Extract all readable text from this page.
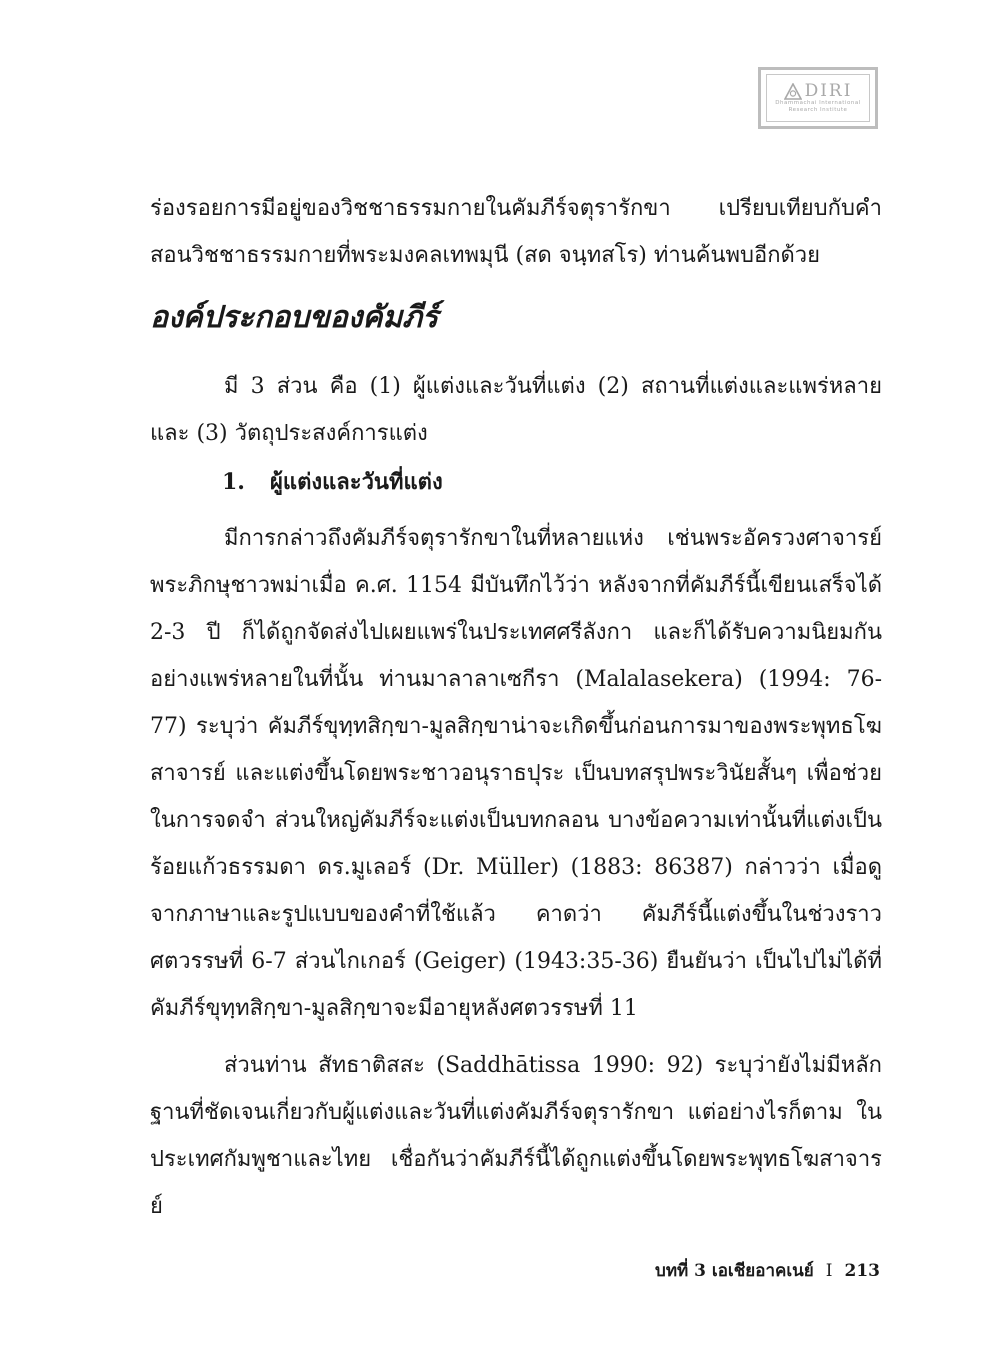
DIRI
Dhammachai International
Research Institute

ร่องรอยการมีอยู่ของวิชชาธรรมกายในคัมภีร์จตุรารักขา เปรียบเทียบกับคำสอนวิชชาธรรมกายที่พระมงคลเทพมุนี (สด จนฺทสโร) ท่านค้นพบอีกด้วย

องค์ประกอบของคัมภีร์

มี 3 ส่วน คือ (1) ผู้แต่งและวันที่แต่ง (2) สถานที่แต่งและแพร่หลาย และ (3) วัตถุประสงค์การแต่ง

1. ผู้แต่งและวันที่แต่ง

มีการกล่าวถึงคัมภีร์จตุรารักขาในที่หลายแห่ง เช่นพระอัครวงศาจารย์ พระภิกษุชาวพม่าเมื่อ ค.ศ. 1154 มีบันทึกไว้ว่า หลังจากที่คัมภีร์นี้เขียนเสร็จได้ 2-3 ปี ก็ได้ถูกจัดส่งไปเผยแพร่ในประเทศศรีลังกา และก็ได้รับความนิยมกันอย่างแพร่หลายในที่นั้น ท่านมาลาลาเซกีรา (Malalasekera) (1994: 76-77) ระบุว่า คัมภีร์ขุทฺทสิกฺขา-มูลสิกฺขาน่าจะเกิดขึ้นก่อนการมาของพระพุทธโฆสาจารย์ และแต่งขึ้นโดยพระชาวอนุราธปุระ เป็นบทสรุปพระวินัยสั้นๆ เพื่อช่วยในการจดจำ ส่วนใหญ่คัมภีร์จะแต่งเป็นบทกลอน บางข้อความเท่านั้นที่แต่งเป็นร้อยแก้วธรรมดา ดร.มูเลอร์ (Dr. Müller) (1883: 86387) กล่าวว่า เมื่อดูจากภาษาและรูปแบบของคำที่ใช้แล้ว คาดว่า คัมภีร์นี้แต่งขึ้นในช่วงราวศตวรรษที่ 6-7 ส่วนไกเกอร์ (Geiger) (1943:35-36) ยืนยันว่า เป็นไปไม่ได้ที่คัมภีร์ขุทฺทสิกฺขา-มูลสิกฺขาจะมีอายุหลังศตวรรษที่ 11

ส่วนท่าน สัทธาติสสะ (Saddhātissa 1990: 92) ระบุว่ายังไม่มีหลักฐานที่ชัดเจนเกี่ยวกับผู้แต่งและวันที่แต่งคัมภีร์จตุรารักขา แต่อย่างไรก็ตาม ในประเทศกัมพูชาและไทย เชื่อกันว่าคัมภีร์นี้ได้ถูกแต่งขึ้นโดยพระพุทธโฆสาจารย์

บทที่ 3 เอเชียอาคเนย์ I 213
